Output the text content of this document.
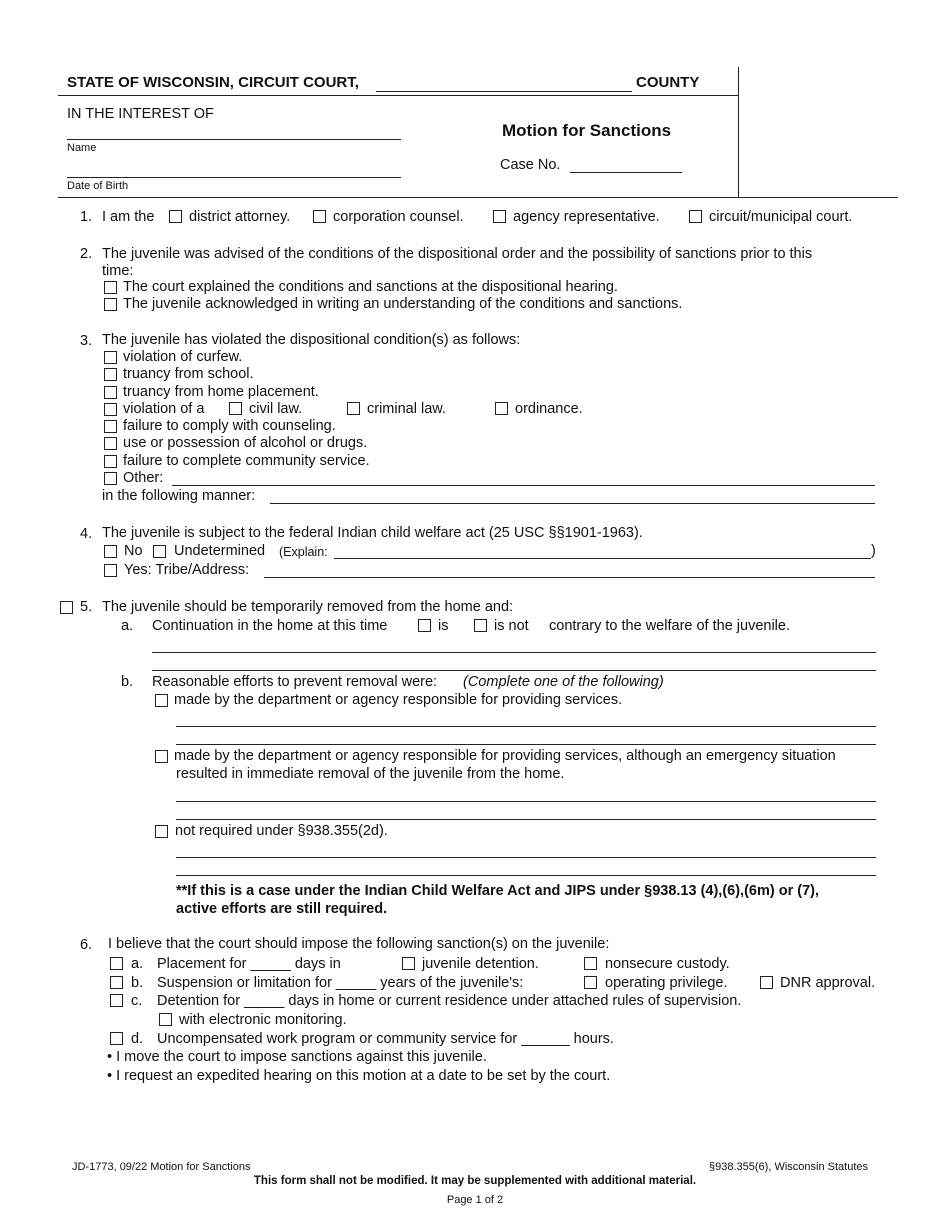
STATE OF WISCONSIN, CIRCUIT COURT,	COUNTY
IN THE INTEREST OF
Name
Date of Birth
Motion for Sanctions
Case No.
1. I am the district attorney.	corporation counsel.	agency representative.	circuit/municipal court.
2. The juvenile was advised of the conditions of the dispositional order and the possibility of sanctions prior to this
time:
The court explained the conditions and sanctions at the dispositional hearing.
The juvenile acknowledged in writing an understanding of the conditions and sanctions.
3. The juvenile has violated the dispositional condition(s) as follows:
violation of curfew.
truancy from school.
truancy from home placement.
violation of a	civil law.	criminal law.	ordinance.
failure to comply with counseling.
use or possession of alcohol or drugs.
failure to complete community service.
Other:
in the following manner:
4. The juvenile is subject to the federal Indian child welfare act (25 USC §§1901-1963).
No Undetermined (Explain:	)
Yes: Tribe/Address:
5. The juvenile should be temporarily removed from the home and:
a. Continuation in the home at this time	is	is not contrary to the welfare of the juvenile.
b. Reasonable efforts to prevent removal were: (Complete one of the following)
made by the department or agency responsible for providing services.
made by the department or agency responsible for providing services, although an emergency situation
resulted in immediate removal of the juvenile from the home.
not required under §938.355(2d).
**If this is a case under the Indian Child Welfare Act and JIPS under §938.13 (4),(6),(6m) or (7),
active efforts are still required.
6. I believe that the court should impose the following sanction(s) on the juvenile:
a. Placement for _____ days in	juvenile detention.	nonsecure custody.
b. Suspension or limitation for _____ years of the juvenile's:	operating privilege.	DNR approval.
c. Detention for _____ days in home or current residence under attached rules of supervision.
with electronic monitoring.
d. Uncompensated work program or community service for ______ hours.
• I move the court to impose sanctions against this juvenile.
• I request an expedited hearing on this motion at a date to be set by the court.
JD-1773, 09/22 Motion for Sanctions	§938.355(6), Wisconsin Statutes
This form shall not be modified. It may be supplemented with additional material.
Page 1 of 2
